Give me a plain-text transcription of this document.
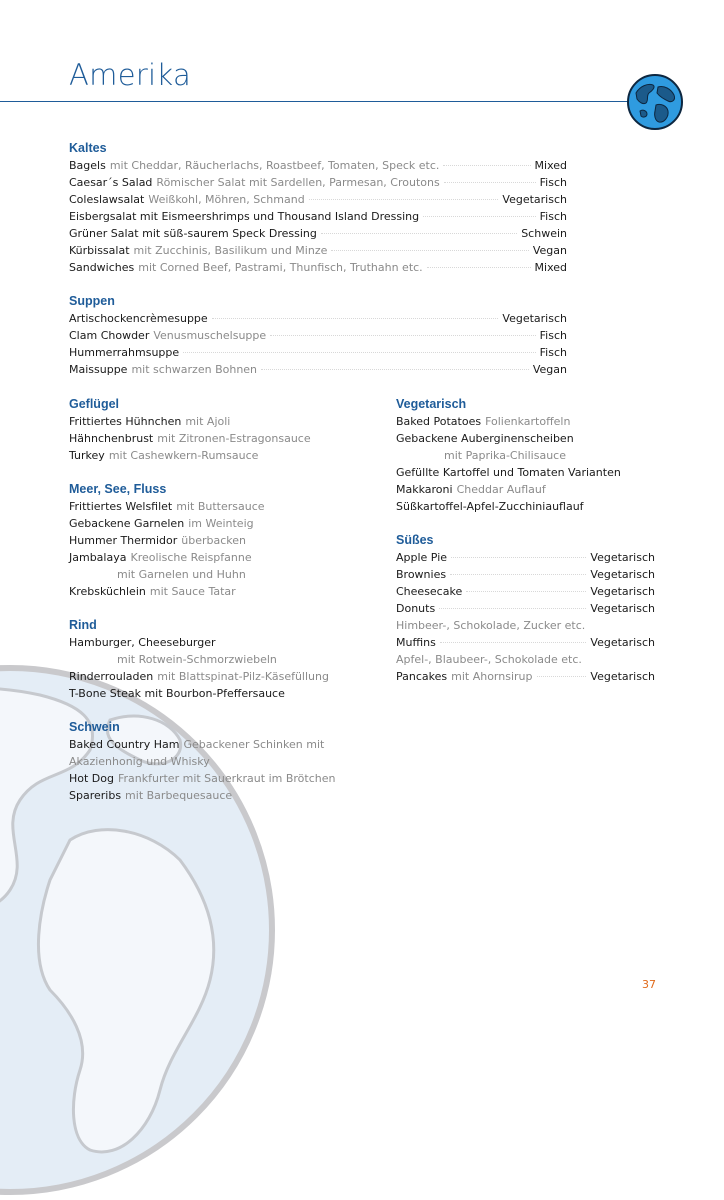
Amerika
Kaltes
Bagels mit Cheddar, Räucherlachs, Roastbeef, Tomaten, Speck etc.	Mixed
Caesar´s Salad Römischer Salat mit Sardellen, Parmesan, Croutons	Fisch
Coleslawsalat Weißkohl, Möhren, Schmand	Vegetarisch
Eisbergsalat mit Eismeershrimps und Thousand Island Dressing	Fisch
Grüner Salat mit süß-saurem Speck Dressing	Schwein
Kürbissalat mit Zucchinis, Basilikum und Minze	Vegan
Sandwiches mit Corned Beef, Pastrami, Thunfisch, Truthahn etc.	Mixed
Suppen
Artischockencrèmesuppe	Vegetarisch
Clam Chowder Venusmuschelsuppe	Fisch
Hummerrahmsuppe	Fisch
Maissuppe mit schwarzen Bohnen	Vegan
Geflügel
Frittiertes Hühnchen mit Ajoli
Hähnchenbrust mit Zitronen-Estragonsauce
Turkey mit Cashewkern-Rumsauce
Meer, See, Fluss
Frittiertes Welsfilet mit Buttersauce
Gebackene Garnelen im Weinteig
Hummer Thermidor überbacken
Jambalaya Kreolische Reispfanne
mit Garnelen und Huhn
Krebsküchlein mit Sauce Tatar
Rind
Hamburger, Cheeseburger
mit Rotwein-Schmorzwiebeln
Rinderrouladen mit Blattspinat-Pilz-Käsefüllung
T-Bone Steak mit Bourbon-Pfeffersauce
Schwein
Baked Country Ham Gebackener Schinken mit
Akazienhonig und Whisky
Hot Dog Frankfurter mit Sauerkraut im Brötchen
Spareribs mit Barbequesauce
Vegetarisch
Baked Potatoes Folienkartoffeln
Gebackene Auberginenscheiben
mit Paprika-Chilisauce
Gefüllte Kartoffel und Tomaten Varianten
Makkaroni Cheddar Auflauf
Süßkartoffel-Apfel-Zucchiniauflauf
Süßes
Apple Pie	Vegetarisch
Brownies	Vegetarisch
Cheesecake	Vegetarisch
Donuts	Vegetarisch
Himbeer-, Schokolade, Zucker etc.
Muffins	Vegetarisch
Apfel-, Blaubeer-, Schokolade etc.
Pancakes mit Ahornsirup	Vegetarisch
37
